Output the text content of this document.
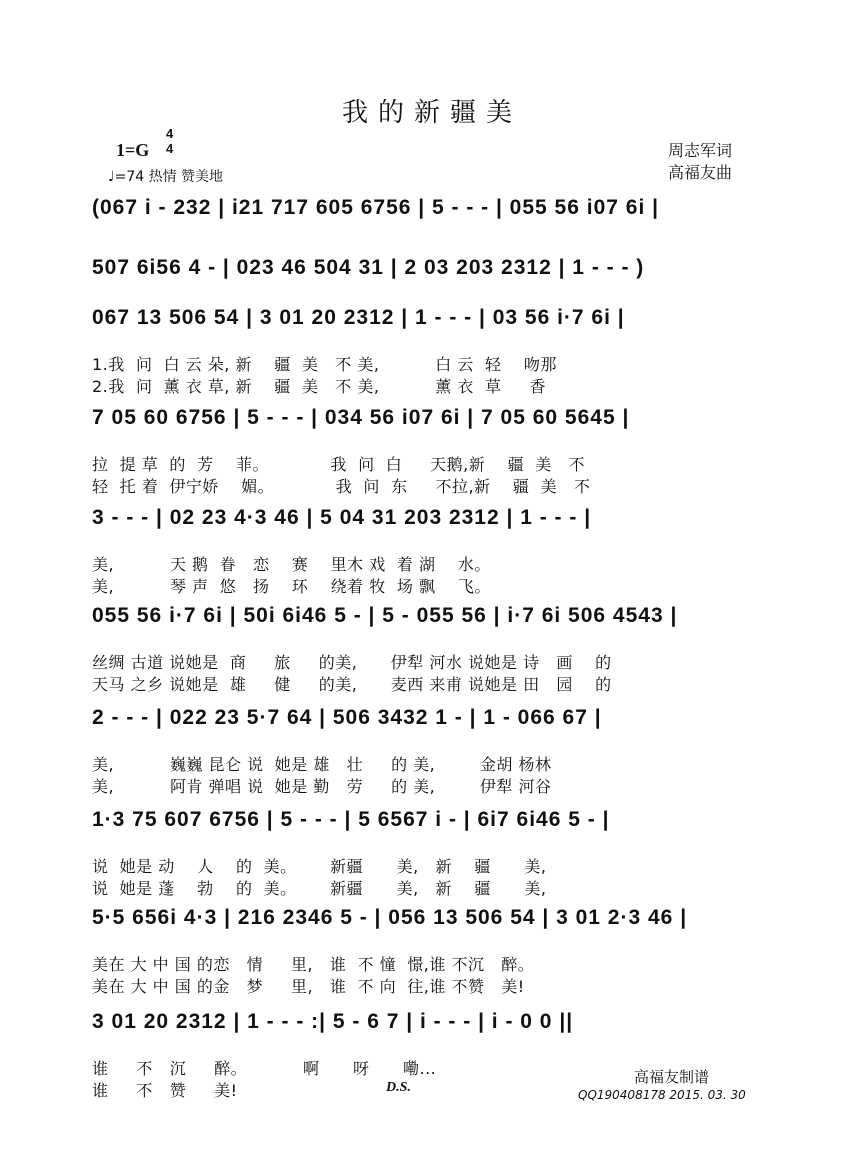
我的新疆美
1=G
4
4
♩=74 热情 赞美地
周志军词
高福友曲
(067 i - 232 | i21 717 605 6756 | 5 - - - | 055 56 i07 6i |
507 6i56 4 - | 023 46 504 31 | 2 03 203 2312 | 1 - - - )
067 13 506 54 | 3 01 20 2312 | 1 - - - | 03 56 i·7 6i |
1.我  问  白 云 朵, 新    疆  美   不 美,          白 云  轻    吻那
2.我  问  薰 衣 草, 新    疆  美   不 美,          薰 衣  草     香
7 05 60 6756 | 5 - - - | 034 56 i07 6i | 7 05 60 5645 |
拉  提 草  的  芳    菲。           我  问  白     天鹅,新    疆  美   不
轻  托 着  伊宁娇    媚。           我  问  东     不拉,新    疆  美   不
3 - - - | 02 23 4·3 46 | 5 04 31 203 2312 | 1 - - - |
美,          天 鹅  眷   恋    赛    里木 戏  着 湖    水。
美,          琴 声  悠   扬    环    绕着 牧  场 飘    飞。
055 56 i·7 6i | 50i 6i46 5 - | 5 - 055 56 | i·7 6i 506 4543 |
丝绸 古道 说她是  商     旅     的美,      伊犁 河水 说她是 诗   画    的
天马 之乡 说她是  雄     健     的美,      麦西 来甫 说她是 田   园    的
2 - - - | 022 23 5·7 64 | 506 3432 1 - | 1 - 066 67 |
美,          巍巍 昆仑 说  她是 雄   壮     的 美,        金胡 杨林
美,          阿肯 弹唱 说  她是 勤   劳     的 美,        伊犁 河谷
1·3 75 607 6756 | 5 - - - | 5 6567 i - | 6i7 6i46 5 - |
说  她是 动    人    的  美。      新疆      美,   新    疆      美,
说  她是 蓬    勃    的  美。      新疆      美,   新    疆      美,
5·5 656i 4·3 | 216 2346 5 - | 056 13 506 54 | 3 01 2·3 46 |
美在 大 中 国 的恋   情     里,   谁  不 憧  憬,谁 不沉   醉。
美在 大 中 国 的金   梦     里,   谁  不 向  往,谁 不赞   美!
3 01 20 2312 | 1 - - - :| 5 - 6 7 | i - - - | i - 0 0 ||
谁     不   沉     醉。          啊      呀      嘞...
谁     不   赞     美!	D.S.
高福友制谱
QQ190408178 2015. 03. 30
